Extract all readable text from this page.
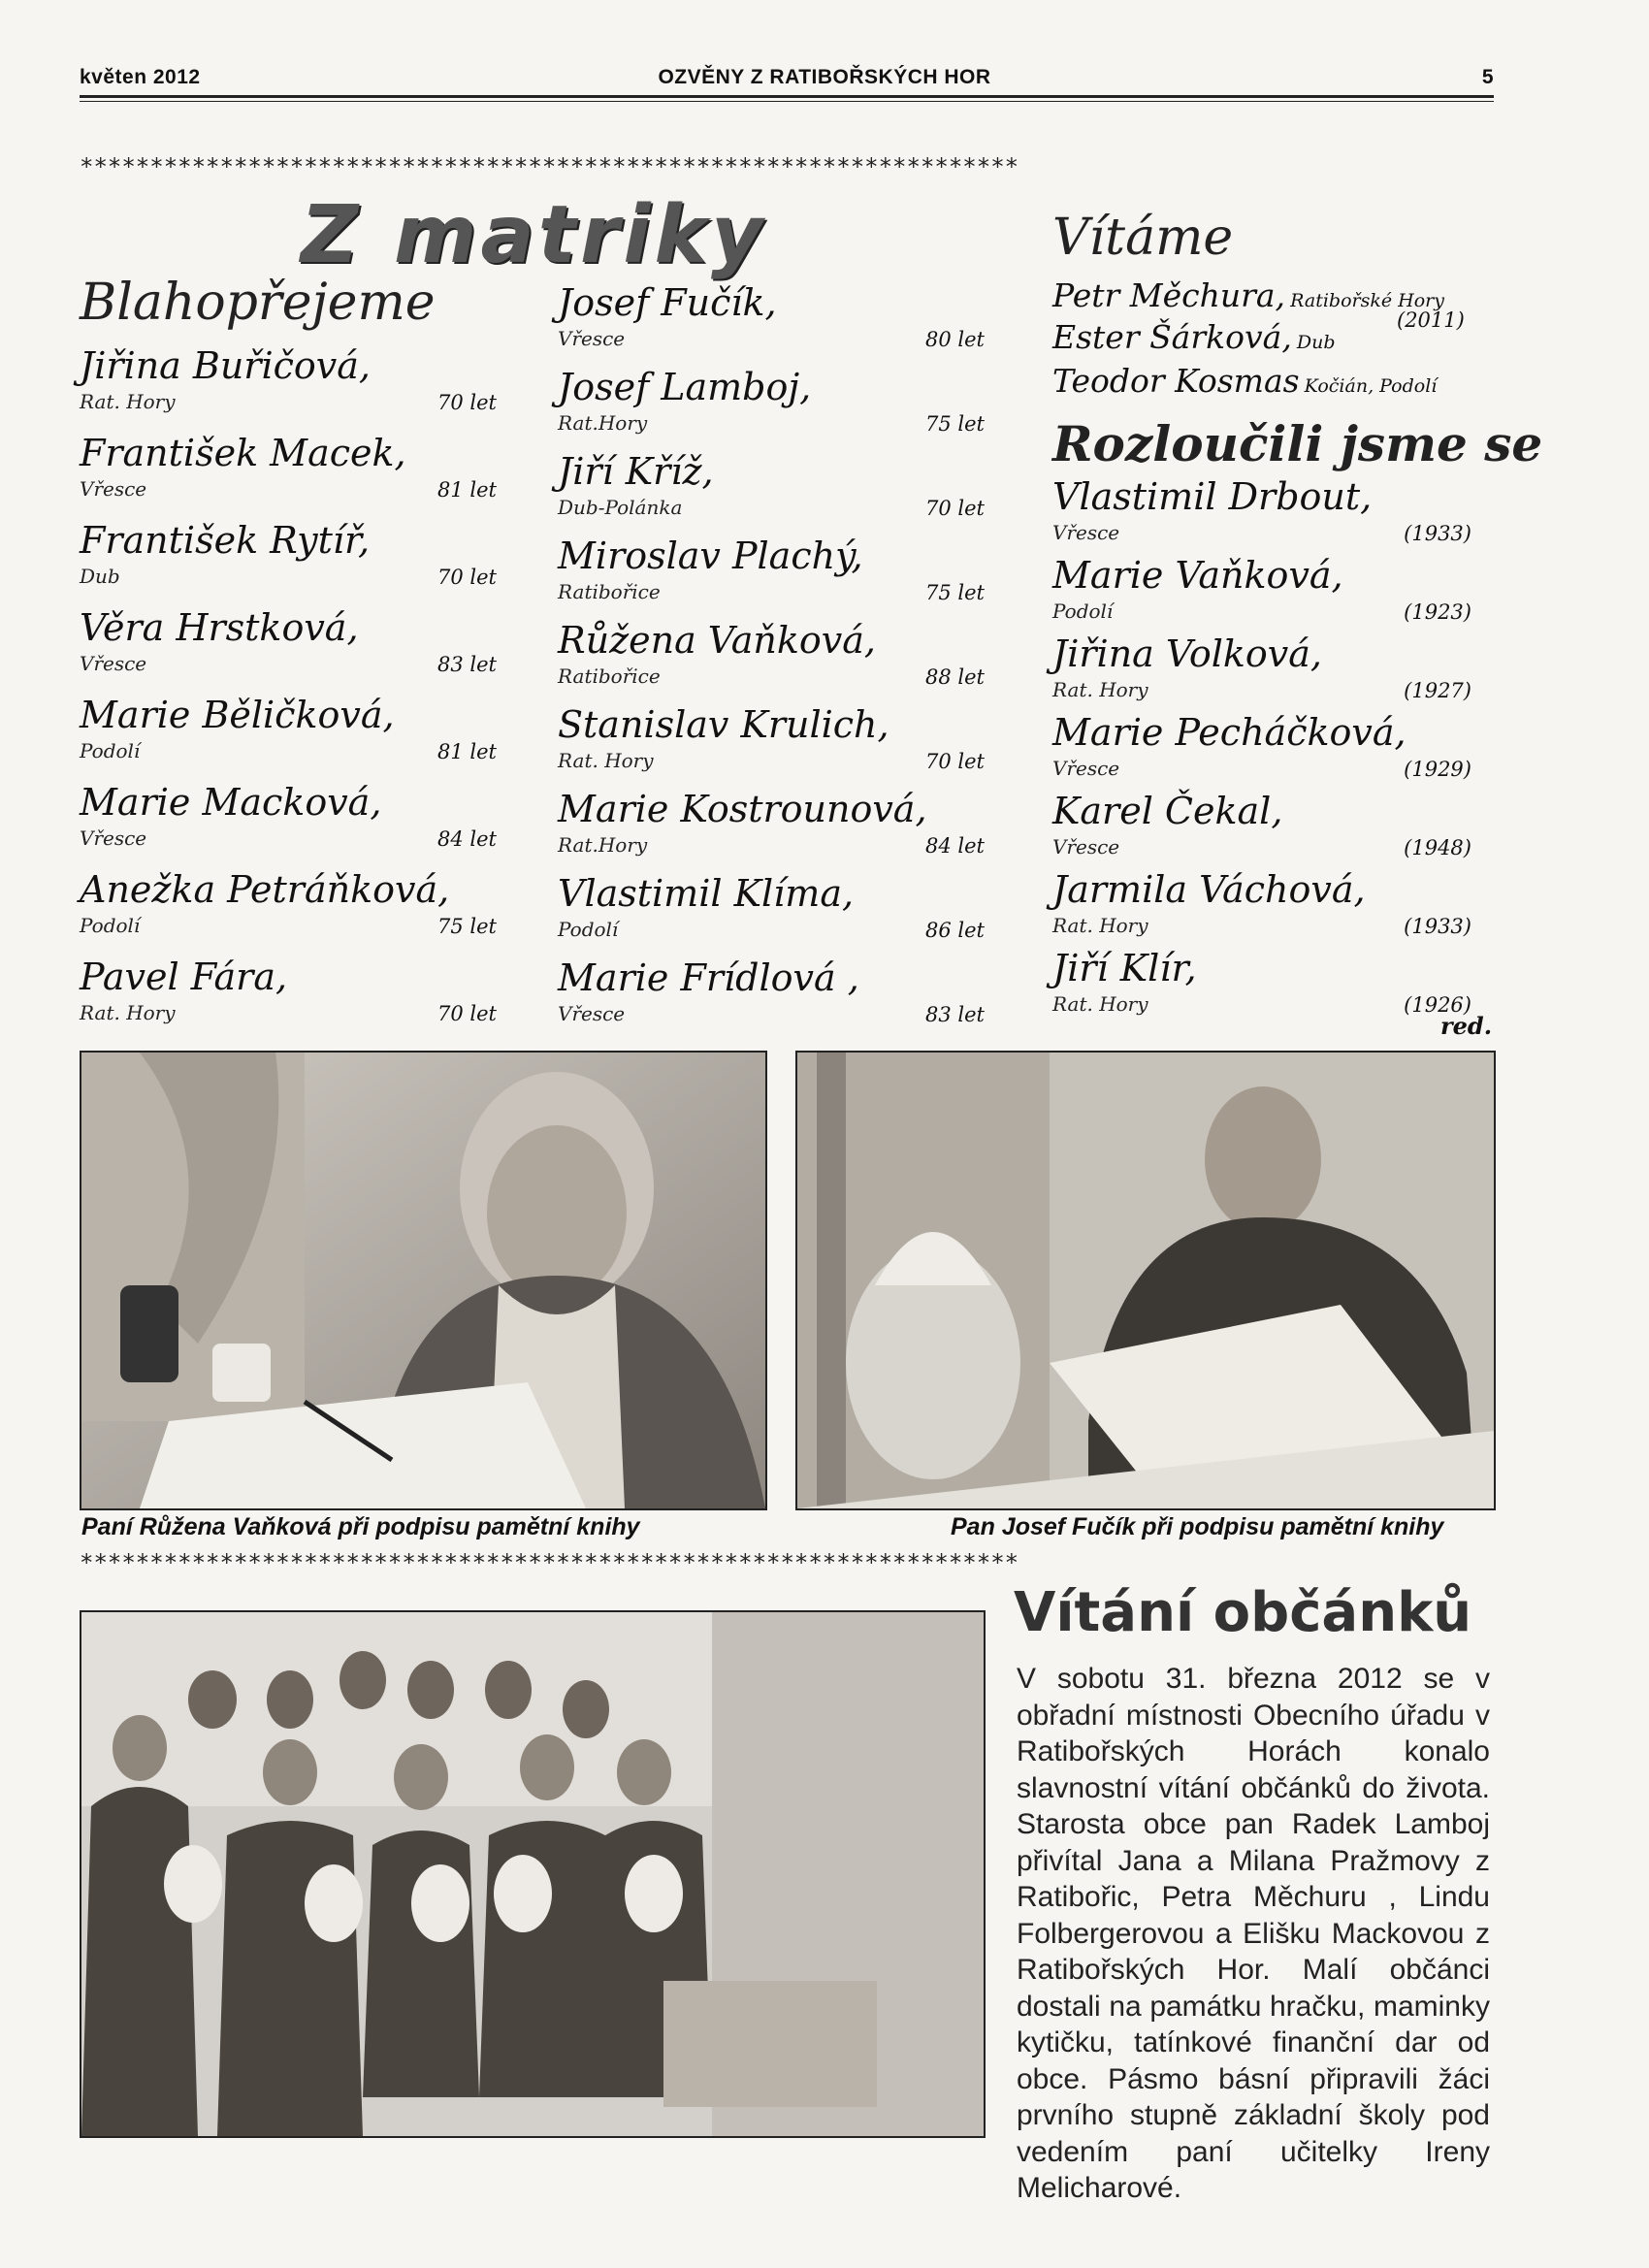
květen 2012	OZVĚNY Z RATIBOŘSKÝCH HOR	5
*******************************************************************
Z matriky
Blahopřejeme
Jiřina Buřičová,
Rat. Hory	70 let
František Macek,
Vřesce	81 let
František Rytíř,
Dub	70 let
Věra Hrstková,
Vřesce	83 let
Marie Běličková,
Podolí	81 let
Marie Macková,
Vřesce	84 let
Anežka Petráňková,
Podolí	75 let
Pavel Fára,
Rat. Hory	70 let
Josef Fučík,
Vřesce	80 let
Josef Lamboj,
Rat.Hory	75 let
Jiří Kříž,
Dub-Polánka	70 let
Miroslav Plachý,
Ratibořice	75 let
Růžena Vaňková,
Ratibořice	88 let
Stanislav Krulich,
Rat. Hory	70 let
Marie Kostrounová,
Rat.Hory	84 let
Vlastimil Klíma,
Podolí	86 let
Marie Frídlová ,
Vřesce	83 let
Vítáme
Petr Měchura, Ratibořské Hory
Ester Šárková, Dub
(2011)
Teodor Kosmas Kočián, Podolí
Rozloučili jsme se
Vlastimil Drbout,
Vřesce	(1933)
Marie Vaňková,
Podolí	(1923)
Jiřina Volková,
Rat. Hory	(1927)
Marie Pecháčková,
Vřesce	(1929)
Karel Čekal,
Vřesce	(1948)
Jarmila Váchová,
Rat. Hory	(1933)
Jiří Klír,
Rat. Hory	(1926)
red.
Paní Růžena Vaňková při podpisu pamětní knihy	Pan Josef Fučík při podpisu pamětní knihy
*******************************************************************
Vítání občánků
V sobotu 31. března 2012 se v obřadní místnosti Obecního úřadu v Ratibořských Horách konalo slavnostní vítání občánků do života. Starosta obce pan Radek Lamboj přivítal Jana a Milana Pražmovy z Ratibořic, Petra Měchuru , Lindu Folbergerovou a Elišku Mackovou z Ratibořských Hor. Malí občánci dostali na památku hračku, maminky kytičku, tatínkové finanční dar od obce. Pásmo básní připravili žáci prvního stupně základní školy pod vedením paní učitelky Ireny Melicharové.
